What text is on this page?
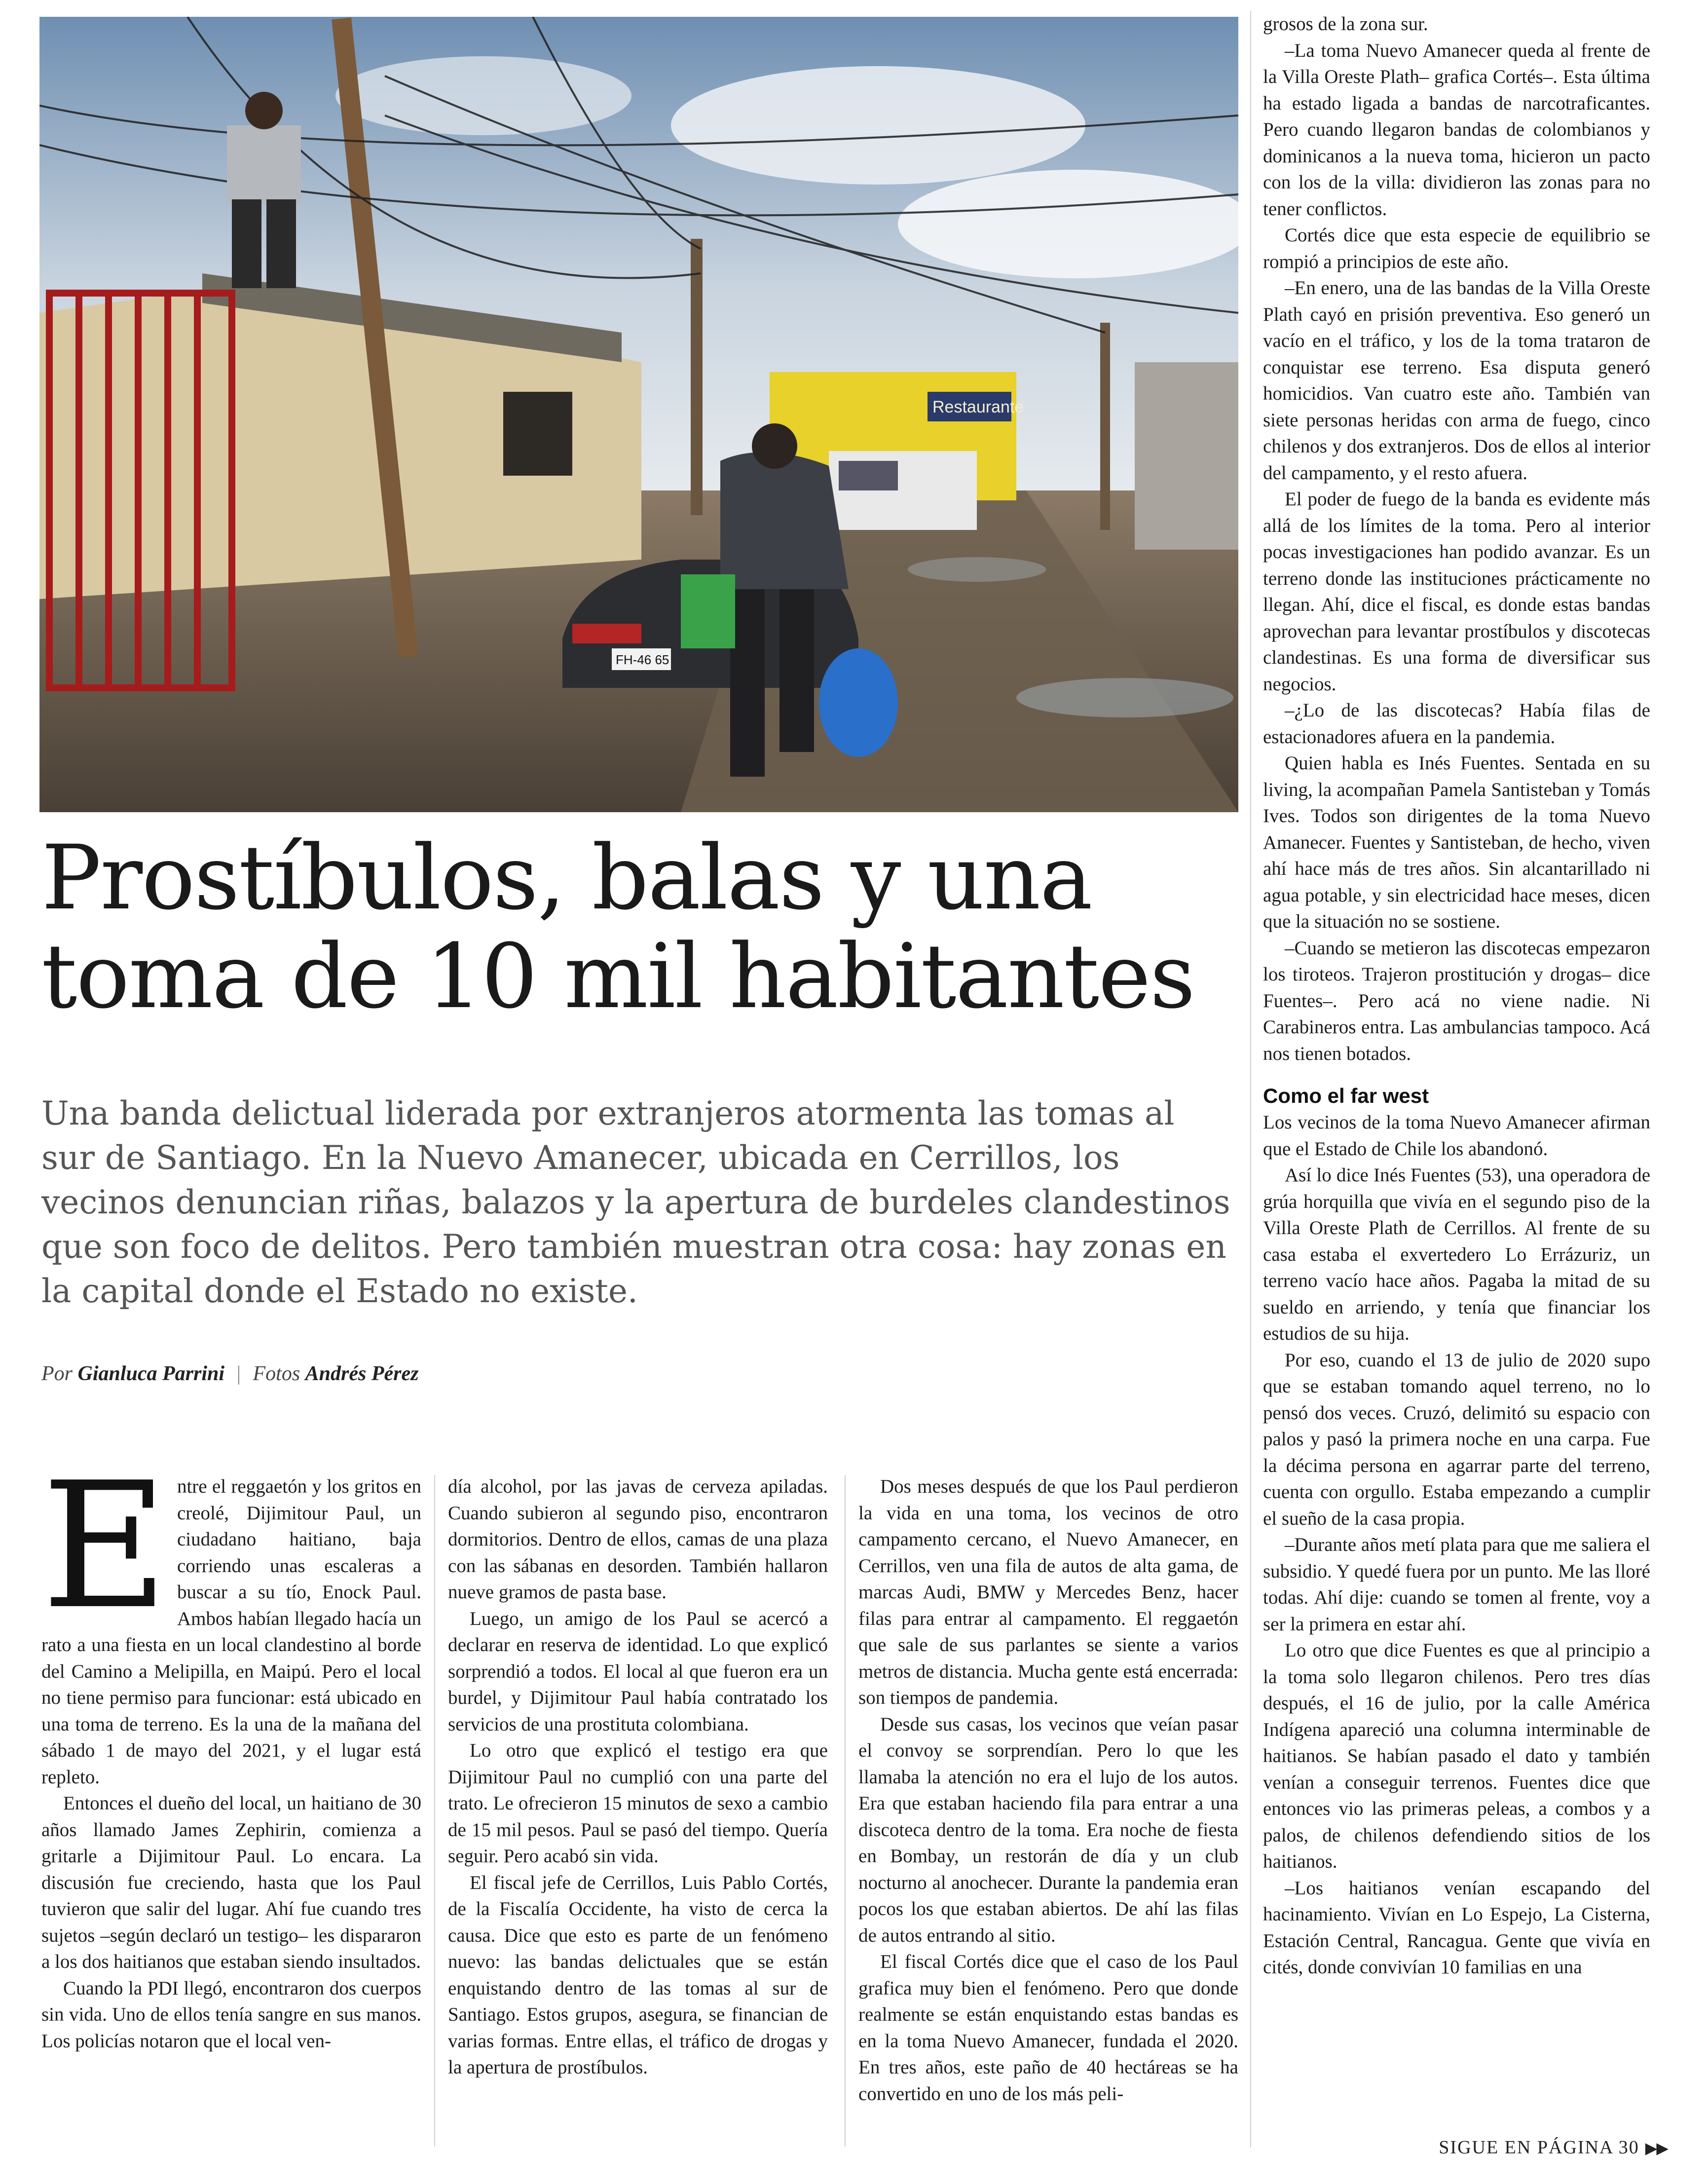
Restaurante
FH-46 65
Prostíbulos, balas y una toma de 10 mil habitantes

Una banda delictual liderada por extranjeros atormenta las tomas al sur de Santiago. En la Nuevo Amanecer, ubicada en Cerrillos, los vecinos denuncian riñas, balazos y la apertura de burdeles clandestinos que son foco de delitos. Pero también muestran otra cosa: hay zonas en la capital donde el Estado no existe.

Por Gianluca Parrini | Fotos Andrés Pérez

Entre el reggaetón y los gritos en creolé, Dijimitour Paul, un ciudadano haitiano, baja corriendo unas escaleras a buscar a su tío, Enock Paul. Ambos habían llegado hacía un rato a una fiesta en un local clandestino al borde del Camino a Melipilla, en Maipú. Pero el local no tiene permiso para funcionar: está ubicado en una toma de terreno. Es la una de la mañana del sábado 1 de mayo del 2021, y el lugar está repleto.

Entonces el dueño del local, un haitiano de 30 años llamado James Zephirin, comienza a gritarle a Dijimitour Paul. Lo encara. La discusión fue creciendo, hasta que los Paul tuvieron que salir del lugar. Ahí fue cuando tres sujetos –según declaró un testigo– les dispararon a los dos haitianos que estaban siendo insultados.

Cuando la PDI llegó, encontraron dos cuerpos sin vida. Uno de ellos tenía sangre en sus manos. Los policías notaron que el local ven-

día alcohol, por las javas de cerveza apiladas. Cuando subieron al segundo piso, encontraron dormitorios. Dentro de ellos, camas de una plaza con las sábanas en desorden. También hallaron nueve gramos de pasta base.

Luego, un amigo de los Paul se acercó a declarar en reserva de identidad. Lo que explicó sorprendió a todos. El local al que fueron era un burdel, y Dijimitour Paul había contratado los servicios de una prostituta colombiana.

Lo otro que explicó el testigo era que Dijimitour Paul no cumplió con una parte del trato. Le ofrecieron 15 minutos de sexo a cambio de 15 mil pesos. Paul se pasó del tiempo. Quería seguir. Pero acabó sin vida.

El fiscal jefe de Cerrillos, Luis Pablo Cortés, de la Fiscalía Occidente, ha visto de cerca la causa. Dice que esto es parte de un fenómeno nuevo: las bandas delictuales que se están enquistando dentro de las tomas al sur de Santiago. Estos grupos, asegura, se financian de varias formas. Entre ellas, el tráfico de drogas y la apertura de prostíbulos.

Dos meses después de que los Paul perdieron la vida en una toma, los vecinos de otro campamento cercano, el Nuevo Amanecer, en Cerrillos, ven una fila de autos de alta gama, de marcas Audi, BMW y Mercedes Benz, hacer filas para entrar al campamento. El reggaetón que sale de sus parlantes se siente a varios metros de distancia. Mucha gente está encerrada: son tiempos de pandemia.

Desde sus casas, los vecinos que veían pasar el convoy se sorprendían. Pero lo que les llamaba la atención no era el lujo de los autos. Era que estaban haciendo fila para entrar a una discoteca dentro de la toma. Era noche de fiesta en Bombay, un restorán de día y un club nocturno al anochecer. Durante la pandemia eran pocos los que estaban abiertos. De ahí las filas de autos entrando al sitio.

El fiscal Cortés dice que el caso de los Paul grafica muy bien el fenómeno. Pero que donde realmente se están enquistando estas bandas es en la toma Nuevo Amanecer, fundada el 2020. En tres años, este paño de 40 hectáreas se ha convertido en uno de los más peli-

grosos de la zona sur.

–La toma Nuevo Amanecer queda al frente de la Villa Oreste Plath– grafica Cortés–. Esta última ha estado ligada a bandas de narcotraficantes. Pero cuando llegaron bandas de colombianos y dominicanos a la nueva toma, hicieron un pacto con los de la villa: dividieron las zonas para no tener conflictos.

Cortés dice que esta especie de equilibrio se rompió a principios de este año.

–En enero, una de las bandas de la Villa Oreste Plath cayó en prisión preventiva. Eso generó un vacío en el tráfico, y los de la toma trataron de conquistar ese terreno. Esa disputa generó homicidios. Van cuatro este año. También van siete personas heridas con arma de fuego, cinco chilenos y dos extranjeros. Dos de ellos al interior del campamento, y el resto afuera.

El poder de fuego de la banda es evidente más allá de los límites de la toma. Pero al interior pocas investigaciones han podido avanzar. Es un terreno donde las instituciones prácticamente no llegan. Ahí, dice el fiscal, es donde estas bandas aprovechan para levantar prostíbulos y discotecas clandestinas. Es una forma de diversificar sus negocios.

–¿Lo de las discotecas? Había filas de estacionadores afuera en la pandemia.

Quien habla es Inés Fuentes. Sentada en su living, la acompañan Pamela Santisteban y Tomás Ives. Todos son dirigentes de la toma Nuevo Amanecer. Fuentes y Santisteban, de hecho, viven ahí hace más de tres años. Sin alcantarillado ni agua potable, y sin electricidad hace meses, dicen que la situación no se sostiene.

–Cuando se metieron las discotecas empezaron los tiroteos. Trajeron prostitución y drogas– dice Fuentes–. Pero acá no viene nadie. Ni Carabineros entra. Las ambulancias tampoco. Acá nos tienen botados.

Como el far west

Los vecinos de la toma Nuevo Amanecer afirman que el Estado de Chile los abandonó.

Así lo dice Inés Fuentes (53), una operadora de grúa horquilla que vivía en el segundo piso de la Villa Oreste Plath de Cerrillos. Al frente de su casa estaba el exvertedero Lo Errázuriz, un terreno vacío hace años. Pagaba la mitad de su sueldo en arriendo, y tenía que financiar los estudios de su hija.

Por eso, cuando el 13 de julio de 2020 supo que se estaban tomando aquel terreno, no lo pensó dos veces. Cruzó, delimitó su espacio con palos y pasó la primera noche en una carpa. Fue la décima persona en agarrar parte del terreno, cuenta con orgullo. Estaba empezando a cumplir el sueño de la casa propia.

–Durante años metí plata para que me saliera el subsidio. Y quedé fuera por un punto. Me las lloré todas. Ahí dije: cuando se tomen al frente, voy a ser la primera en estar ahí.

Lo otro que dice Fuentes es que al principio a la toma solo llegaron chilenos. Pero tres días después, el 16 de julio, por la calle América Indígena apareció una columna interminable de haitianos. Se habían pasado el dato y también venían a conseguir terrenos. Fuentes dice que entonces vio las primeras peleas, a combos y a palos, de chilenos defendiendo sitios de los haitianos.

–Los haitianos venían escapando del hacinamiento. Vivían en Lo Espejo, La Cisterna, Estación Central, Rancagua. Gente que vivía en cités, donde convivían 10 familias en una

SIGUE EN PÁGINA 30 ▶▶
